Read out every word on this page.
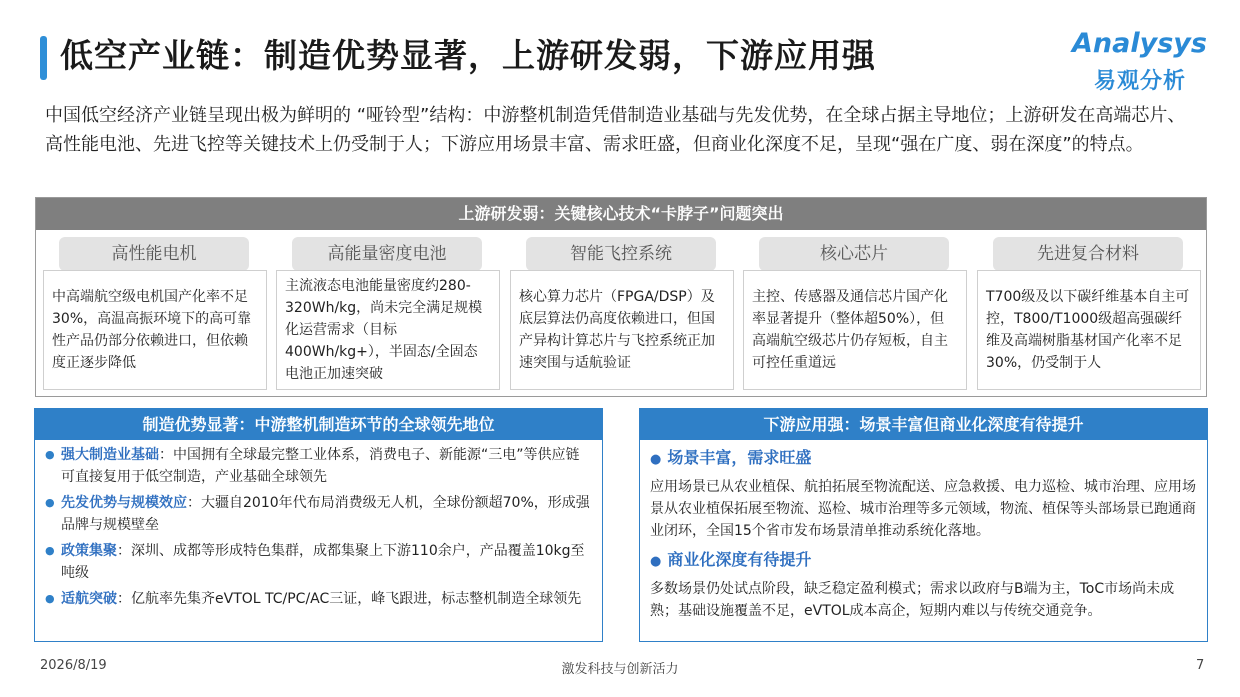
低空产业链：制造优势显著，上游研发弱，下游应用强	Analysys
易观分析
中国低空经济产业链呈现出极为鲜明的 “哑铃型”结构：中游整机制造凭借制造业基础与先发优势，在全球占据主导地位；上游研发在高端芯片、高性能电池、先进飞控等关键技术上仍受制于人；下游应用场景丰富、需求旺盛，但商业化深度不足，呈现“强在广度、弱在深度”的特点。
上游研发弱：关键核心技术“卡脖子”问题突出
高性能电机	高能量密度电池	智能飞控系统	核心芯片	先进复合材料
中高端航空级电机国产化率不足30%，高温高振环境下的高可靠性产品仍部分依赖进口，但依赖度正逐步降低
主流液态电池能量密度约280-320Wh/kg，尚未完全满足规模化运营需求（目标400Wh/kg+），半固态/全固态电池正加速突破
核心算力芯片（FPGA/DSP）及底层算法仍高度依赖进口，但国产异构计算芯片与飞控系统正加速突围与适航验证
主控、传感器及通信芯片国产化率显著提升（整体超50%），但高端航空级芯片仍存短板，自主可控任重道远
T700级及以下碳纤维基本自主可控，T800/T1000级超高强碳纤维及高端树脂基材国产化率不足30%，仍受制于人
制造优势显著：中游整机制造环节的全球领先地位
● 强大制造业基础：中国拥有全球最完整工业体系，消费电子、新能源“三电”等供应链可直接复用于低空制造，产业基础全球领先
● 先发优势与规模效应：大疆自2010年代布局消费级无人机，全球份额超70%，形成强品牌与规模壁垒
● 政策集聚：深圳、成都等形成特色集群，成都集聚上下游110余户，产品覆盖10kg至吨级
● 适航突破：亿航率先集齐eVTOL TC/PC/AC三证，峰飞跟进，标志整机制造全球领先
下游应用强：场景丰富但商业化深度有待提升
● 场景丰富，需求旺盛
应用场景已从农业植保、航拍拓展至物流配送、应急救援、电力巡检、城市治理、应用场景从农业植保拓展至物流、巡检、城市治理等多元领域，物流、植保等头部场景已跑通商业闭环，全国15个省市发布场景清单推动系统化落地。
● 商业化深度有待提升
多数场景仍处试点阶段，缺乏稳定盈利模式；需求以政府与B端为主，ToC市场尚未成熟；基础设施覆盖不足，eVTOL成本高企，短期内难以与传统交通竞争。
2026/8/19	激发科技与创新活力	7
